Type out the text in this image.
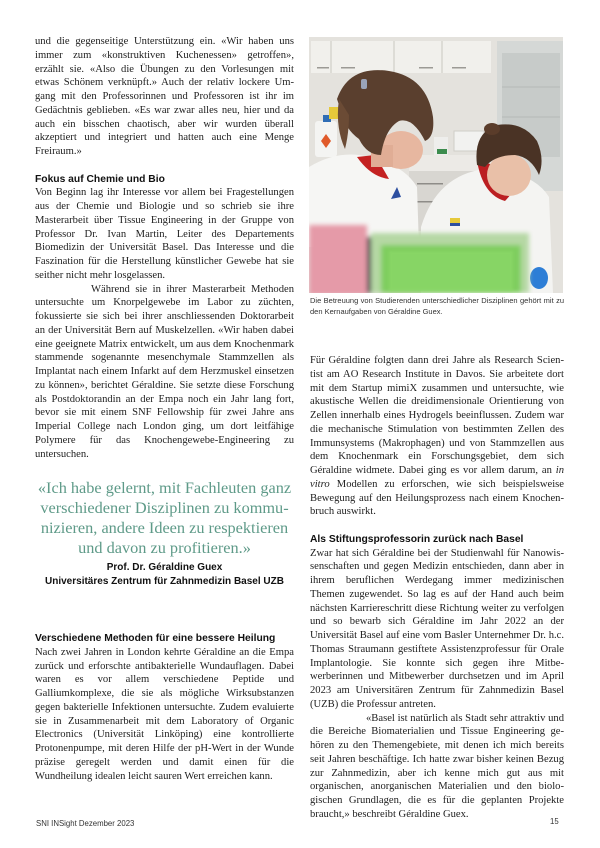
und die gegenseitige Unterstützung ein. «Wir haben uns immer zum «konstruktiven Kuchenessen» getroffen», erzählt sie. «Also die Übungen zu den Vorlesungen mit etwas Schönem verknüpft.» Auch der relativ lockere Umgang mit den Professorinnen und Professoren ist ihr im Gedächtnis geblieben. «Es war zwar alles neu, hier und da auch ein bisschen chaotisch, aber wir wurden überall akzeptiert und integriert und hatten auch eine Menge Freiraum.»

Fokus auf Chemie und Bio

Von Beginn lag ihr Interesse vor allem bei Fragestellungen aus der Chemie und Biologie und so schrieb sie ihre Masterarbeit über Tissue Engineering in der Gruppe von Professor Dr. Ivan Martin, Leiter des Departements Biomedizin der Universität Basel. Das Interesse und die Faszination für die Herstellung künstlicher Gewebe hat sie seither nicht mehr losgelassen.

Während sie in ihrer Masterarbeit Methoden untersuchte um Knorpelgewebe im Labor zu züchten, fokussierte sie sich bei ihrer anschliessenden Doktorarbeit an der Universität Bern auf Muskelzellen. «Wir haben dabei eine geeignete Matrix entwickelt, um aus dem Knochenmark stammende sogenannte mesenchymale Stammzellen als Implantat nach einem Infarkt auf dem Herzmuskel einsetzen zu können», berichtet Géraldine. Sie setzte diese Forschung als Postdoktorandin an der Empa noch ein Jahr lang fort, bevor sie mit einem SNF Fellowship für zwei Jahre ans Imperial College nach London ging, um dort leitfähige Polymere für das Knochengewebe-Engineering zu untersuchen.

«Ich habe gelernt, mit Fachleuten ganz verschiedener Disziplinen zu kommunizieren, andere Ideen zu respektieren und davon zu profitieren.»
Prof. Dr. Géraldine Guex
Universitäres Zentrum für Zahnmedizin Basel UZB
Verschiedene Methoden für eine bessere Heilung

Nach zwei Jahren in London kehrte Géraldine an die Empa zurück und erforschte antibakterielle Wundauflagen. Dabei waren es vor allem verschiedene Peptide und Galliumkomplexe, die sie als mögliche Wirksubstanzen gegen bakterielle Infektionen untersuchte. Zudem evaluierte sie in Zusammenarbeit mit dem Laboratory of Organic Electronics (Universität Linköping) eine kontrollierte Protonenpumpe, mit deren Hilfe der pH-Wert in der Wunde präzise geregelt werden und damit einen für die Wundheilung idealen leicht sauren Wert erreichen kann.

Die Betreuung von Studierenden unterschiedlicher Disziplinen gehört mit zu den Kernaufgaben von Géraldine Guex.

Für Géraldine folgten dann drei Jahre als Research Scientist am AO Research Institute in Davos. Sie arbeitete dort mit dem Startup mimiX zusammen und untersuchte, wie akustische Wellen die dreidimensionale Orientierung von Zellen innerhalb eines Hydrogels beeinflussen. Zudem war die mechanische Stimulation von bestimmten Zellen des Immunsystems (Makrophagen) und von Stammzellen aus dem Knochenmark ein Forschungsgebiet, dem sich Géraldine widmete. Dabei ging es vor allem darum, an in vitro Modellen zu erforschen, wie sich beispielsweise Bewegung auf den Heilungsprozess nach einem Knochenbruch auswirkt.

Als Stiftungsprofessorin zurück nach Basel

Zwar hat sich Géraldine bei der Studienwahl für Nanowissenschaften und gegen Medizin entschieden, dann aber in ihrem beruflichen Werdegang immer medizinischen Themen zugewendet. So lag es auf der Hand auch beim nächsten Karriereschritt diese Richtung weiter zu verfolgen und so bewarb sich Géraldine im Jahr 2022 an der Universität Basel auf eine vom Basler Unternehmer Dr. h.c. Thomas Straumann gestiftete Assistenzprofessur für Orale Implantologie. Sie konnte sich gegen ihre Mitbewerberinnen und Mitbewerber durchsetzen und im April 2023 am Universitären Zentrum für Zahnmedizin Basel (UZB) die Professur antreten.

«Basel ist natürlich als Stadt sehr attraktiv und die Bereiche Biomaterialien und Tissue Engineering gehören zu den Themengebiete, mit denen ich mich bereits seit Jahren beschäftige. Ich hatte zwar bisher keinen Bezug zur Zahnmedizin, aber ich kenne mich gut aus mit organischen, anorganischen Materialien und den biologischen Grundlagen, die es für die geplanten Projekte braucht,» beschreibt Géraldine Guex.

SNI INSight Dezember 2023	15
